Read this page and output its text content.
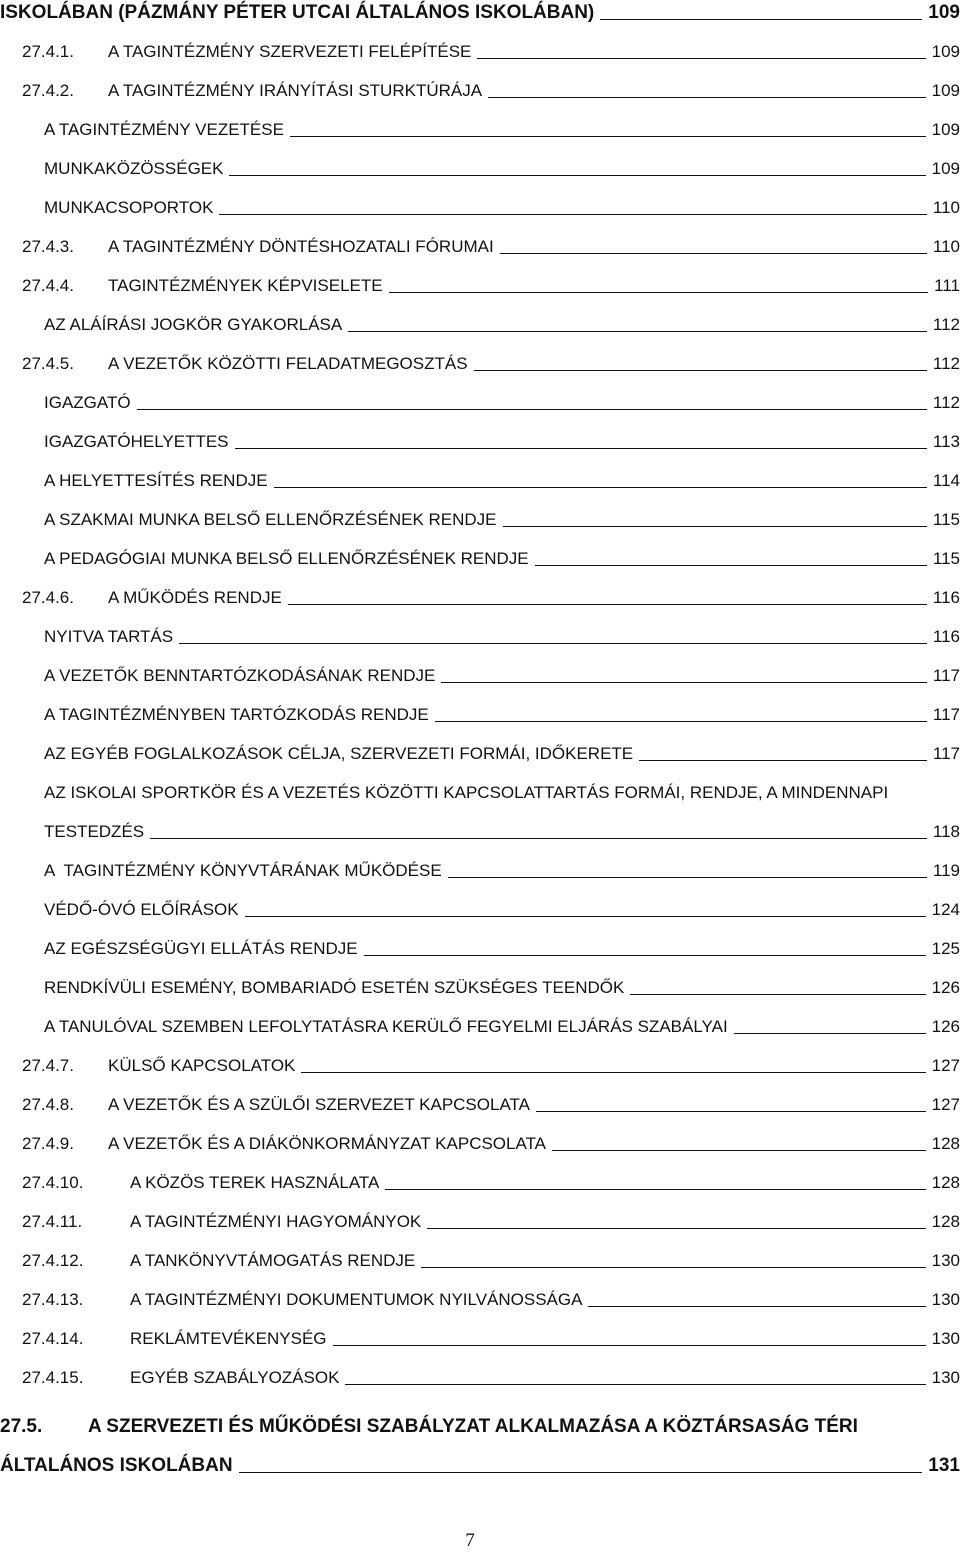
ISKOLÁBAN (PÁZMÁNY PÉTER UTCAI ÁLTALÁNOS ISKOLÁBAN)	109
27.4.1.	A TAGINTÉZMÉNY SZERVEZETI FELÉPÍTÉSE	109
27.4.2.	A TAGINTÉZMÉNY IRÁNYÍTÁSI STURKTÚRÁJA	109
A TAGINTÉZMÉNY VEZETÉSE	109
MUNKAKÖZÖSSÉGEK	109
MUNKACSOPORTOK	110
27.4.3.	A TAGINTÉZMÉNY DÖNTÉSHOZATALI FÓRUMAI	110
27.4.4.	TAGINTÉZMÉNYEK KÉPVISELETE	111
AZ ALÁÍRÁSI JOGKÖR GYAKORLÁSA	112
27.4.5.	A VEZETŐK KÖZÖTTI FELADATMEGOSZTÁS	112
IGAZGATÓ	112
IGAZGATÓHELYETTES	113
A HELYETTESÍTÉS RENDJE	114
A SZAKMAI MUNKA BELSŐ ELLENŐRZÉSÉNEK RENDJE	115
A PEDAGÓGIAI MUNKA BELSŐ ELLENŐRZÉSÉNEK RENDJE	115
27.4.6.	A MŰKÖDÉS RENDJE	116
NYITVA TARTÁS	116
A VEZETŐK BENNTARTÓZKODÁSÁNAK RENDJE	117
A TAGINTÉZMÉNYBEN TARTÓZKODÁS RENDJE	117
AZ EGYÉB FOGLALKOZÁSOK CÉLJA, SZERVEZETI FORMÁI, IDŐKERETE	117
AZ ISKOLAI SPORTKÖR ÉS A VEZETÉS KÖZÖTTI KAPCSOLATTARTÁS FORMÁI, RENDJE, A MINDENNAPI
TESTEDZÉS	118
A  TAGINTÉZMÉNY KÖNYVTÁRÁNAK MŰKÖDÉSE	119
VÉDŐ-ÓVÓ ELŐÍRÁSOK	124
AZ EGÉSZSÉGÜGYI ELLÁTÁS RENDJE	125
RENDKÍVÜLI ESEMÉNY, BOMBARIADÓ ESETÉN SZÜKSÉGES TEENDŐK	126
A TANULÓVAL SZEMBEN LEFOLYTATÁSRA KERÜLŐ FEGYELMI ELJÁRÁS SZABÁLYAI	126
27.4.7.	KÜLSŐ KAPCSOLATOK	127
27.4.8.	A VEZETŐK ÉS A SZÜLŐI SZERVEZET KAPCSOLATA	127
27.4.9.	A VEZETŐK ÉS A DIÁKÖNKORMÁNYZAT KAPCSOLATA	128
27.4.10.	A KÖZÖS TEREK HASZNÁLATA	128
27.4.11.	A TAGINTÉZMÉNYI HAGYOMÁNYOK	128
27.4.12.	A TANKÖNYVTÁMOGATÁS RENDJE	130
27.4.13.	A TAGINTÉZMÉNYI DOKUMENTUMOK NYILVÁNOSSÁGA	130
27.4.14.	REKLÁMTEVÉKENYSÉG	130
27.4.15.	EGYÉB SZABÁLYOZÁSOK	130
27.5. A SZERVEZETI ÉS MŰKÖDÉSI SZABÁLYZAT ALKALMAZÁSA A KÖZTÁRSASÁG TÉRI
ÁLTALÁNOS ISKOLÁBAN	131
7
